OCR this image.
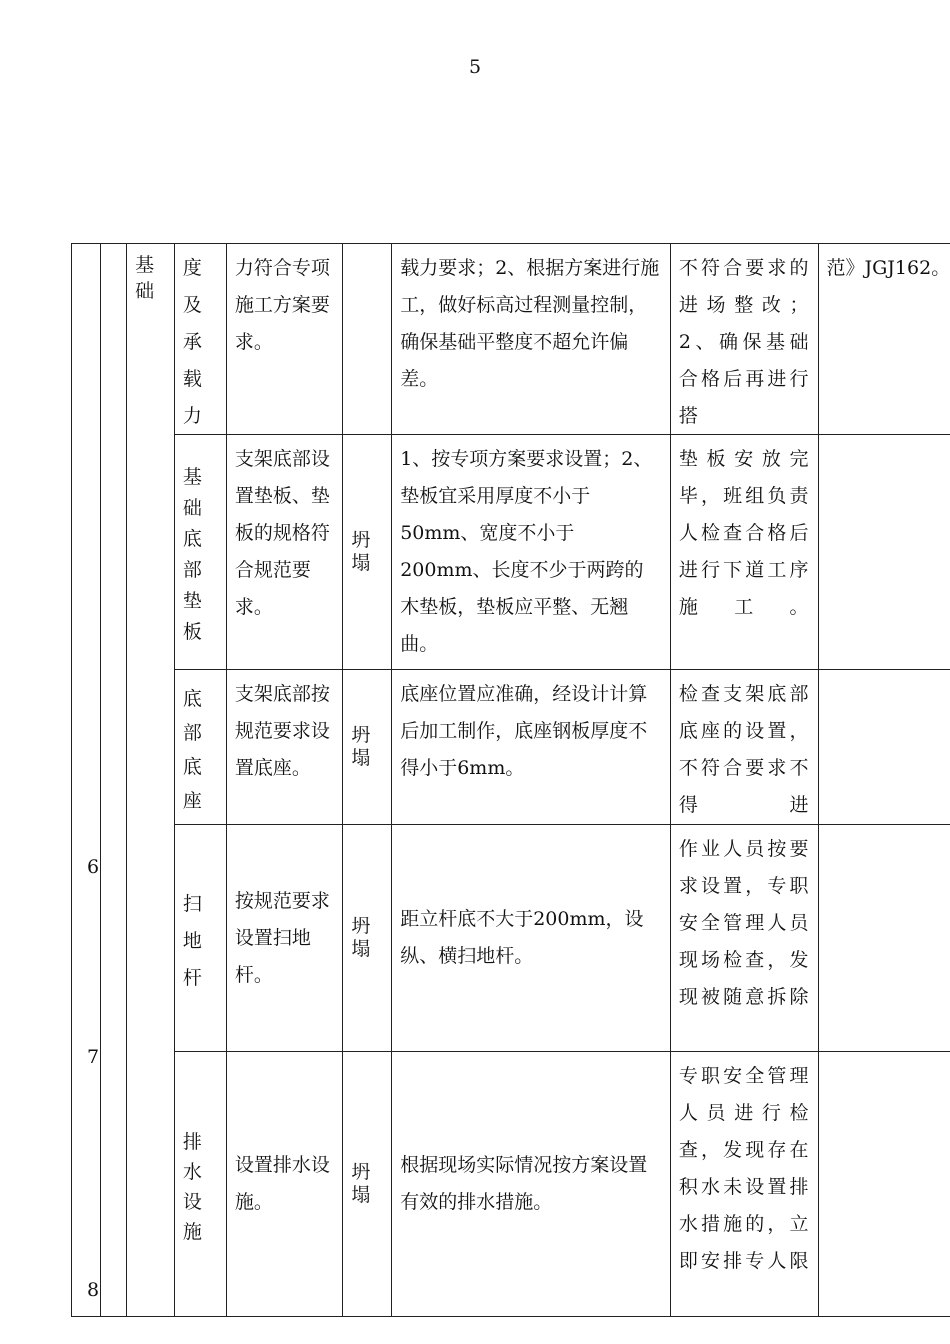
5
6
7
8		基础	度及承载力	力符合专项施工方案要求。		载力要求；2、根据方案进行施工，做好标高过程测量控制，确保基础平整度不超允许偏差。	不符合要求的进场整改；2、确保基础合格后再进行搭	范》JGJ162。

			基础底部垫板	支架底部设置垫板、垫板的规格符合规范要求。	坍塌	1、按专项方案要求设置；2、垫板宜采用厚度不小于50mm、宽度不小于200mm、长度不少于两跨的木垫板，垫板应平整、无翘曲。	垫板安放完毕，班组负责人检查合格后进行下道工序施工。	

			底部底座	支架底部按规范要求设置底座。	坍塌	底座位置应准确，经设计计算后加工制作，底座钢板厚度不得小于6mm。	检查支架底部底座的设置，不符合要求不得进	

			扫地杆	按规范要求设置扫地杆。	坍塌	距立杆底不大于200mm，设纵、横扫地杆。	作业人员按要求设置，专职安全管理人员现场检查，发现被随意拆除	

			排水设施	设置排水设施。	坍塌	根据现场实际情况按方案设置有效的排水措施。	专职安全管理人员进行检查，发现存在积水未设置排水措施的，立即安排专人限	
